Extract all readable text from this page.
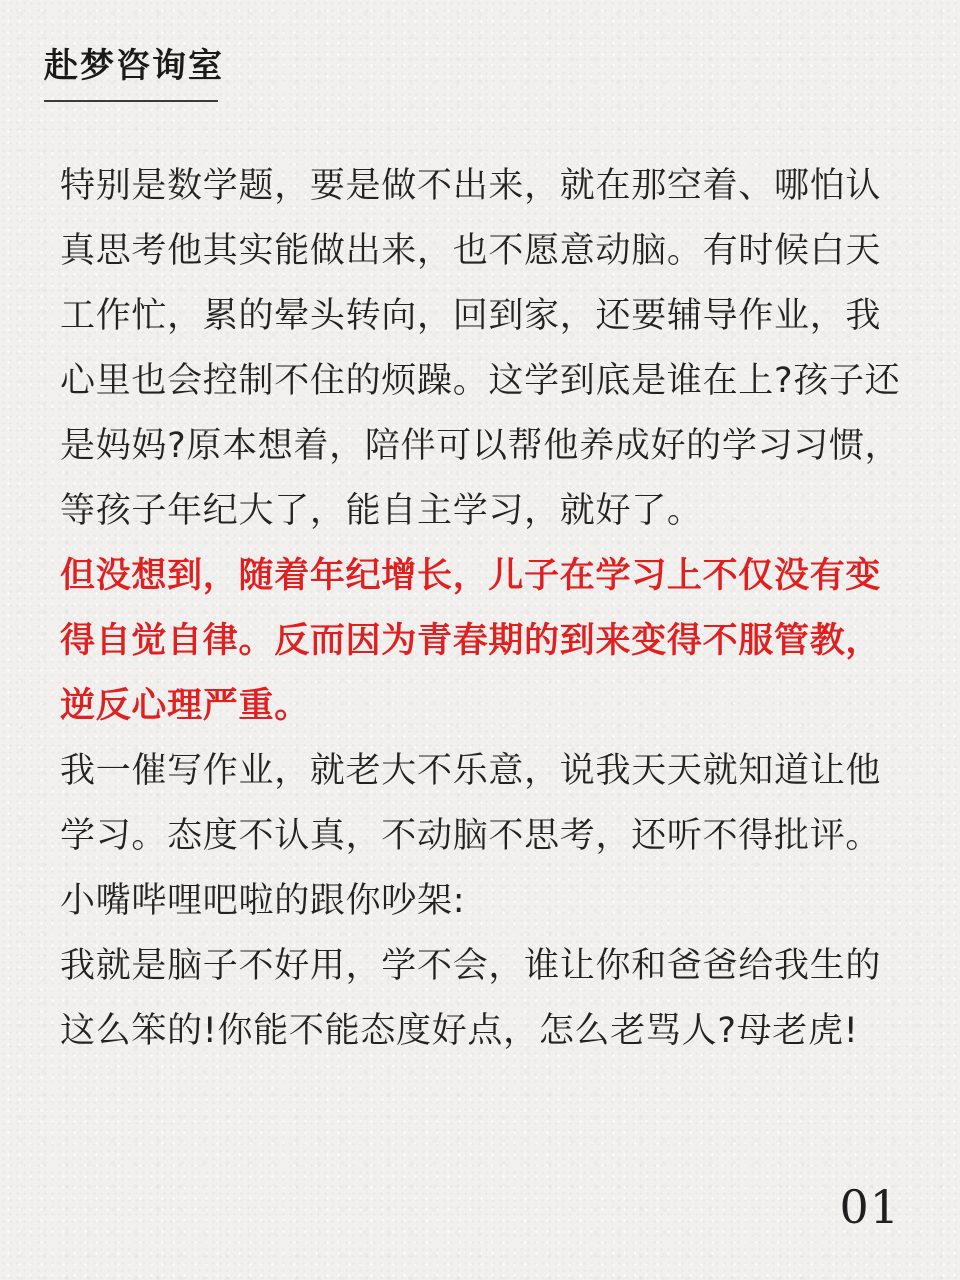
赴梦咨询室

特别是数学题，要是做不出来，就在那空着、哪怕认真思考他其实能做出来，也不愿意动脑。有时候白天工作忙，累的晕头转向，回到家，还要辅导作业，我心里也会控制不住的烦躁。这学到底是谁在上?孩子还是妈妈?原本想着，陪伴可以帮他养成好的学习习惯，等孩子年纪大了，能自主学习，就好了。

但没想到，随着年纪增长，儿子在学习上不仅没有变得自觉自律。反而因为青春期的到来变得不服管教，逆反心理严重。

我一催写作业，就老大不乐意，说我天天就知道让他学习。态度不认真，不动脑不思考，还听不得批评。小嘴哔哩吧啦的跟你吵架:

我就是脑子不好用，学不会，谁让你和爸爸给我生的这么笨的!你能不能态度好点，怎么老骂人?母老虎!

01
